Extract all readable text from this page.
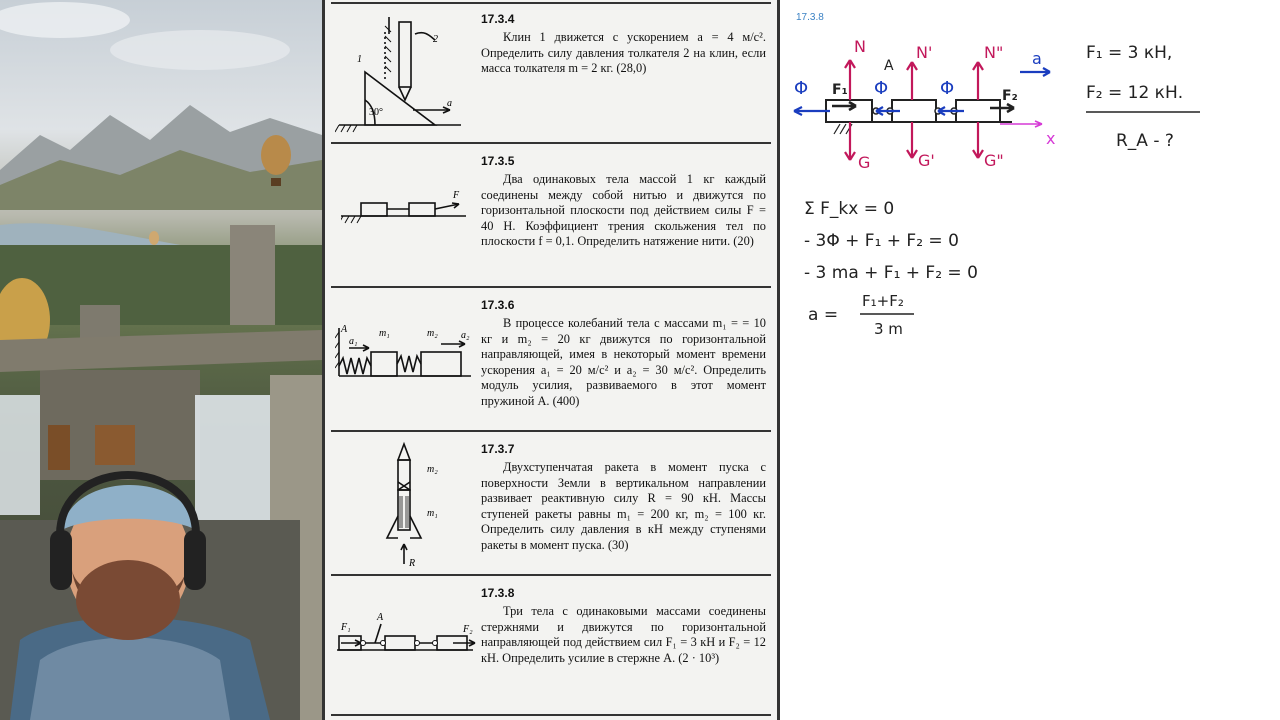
1
2
30°
a
17.3.4
Клин 1 движется с ускорением a = 4 м/с². Определить силу давления толкателя 2 на клин, если масса толкателя m = 2 кг. (28,0)
F
17.3.5
Два одинаковых тела массой 1 кг каждый соединены между собой нитью и движутся по горизонтальной плоскости под действием силы F = 40 Н. Коэффициент трения скольжения тел по плоскости f = 0,1. Определить натяжение нити. (20)
A
a₁
m₁	m₂ a₂
17.3.6
В процессе колебаний тела с массами m₁ = = 10 кг и m₂ = 20 кг движутся по горизонтальной направляющей, имея в некоторый момент времени ускорения a₁ = 20 м/с² и a₂ = 30 м/с². Определить модуль усилия, развиваемого в этот момент пружиной A. (400)
m₂
m₁
R
17.3.7
Двухступенчатая ракета в момент пуска с поверхности Земли в вертикальном направлении развивает реактивную силу R = 90 кН. Массы ступеней ракеты равны m₁ = 200 кг, m₂ = 100 кг. Определить силу давления в кН между ступенями ракеты в момент пуска. (30)
F₁
A
F₂
17.3.8
Три тела с одинаковыми массами соединены стержнями и движутся по горизонтальной направляющей под действием сил F₁ = 3 кН и F₂ = 12 кН. Определить усилие в стержне A. (2 · 10³)
17.3.8
x
N	N'	N"
G	G'	G"
Φ	Φ	Φ
F₁	F₂
A	a	F₁ = 3 кН,
F₂ = 12 кН.
R_A - ?
Σ F_kx = 0
- 3Φ + F₁ + F₂ = 0
- 3 ma + F₁ + F₂ = 0
a =
F₁+F₂
3 m
